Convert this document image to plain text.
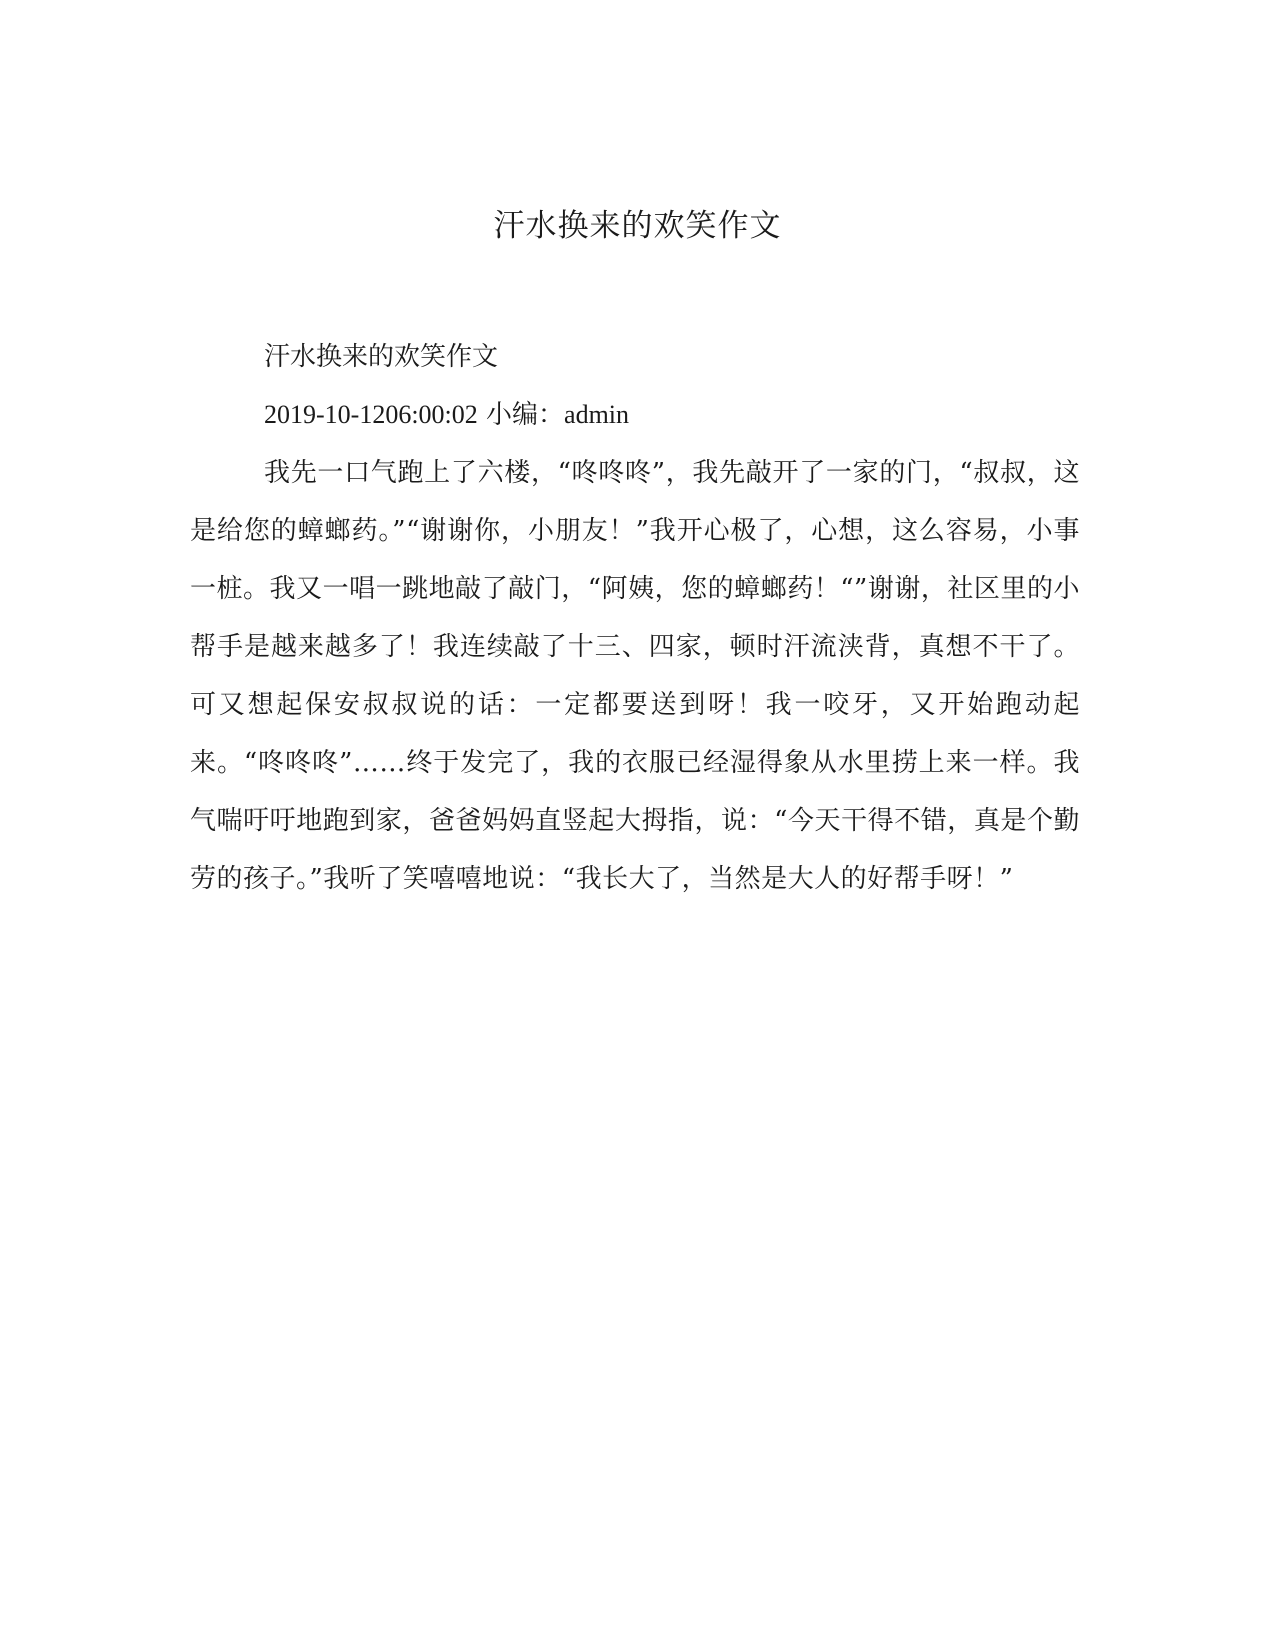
汗水换来的欢笑作文
汗水换来的欢笑作文
2019-10-1206:00:02 小编：admin

我先一口气跑上了六楼，“咚咚咚”，我先敲开了一家的门，“叔叔，这是给您的蟑螂药。”“谢谢你，小朋友！”我开心极了，心想，这么容易，小事一桩。我又一唱一跳地敲了敲门，“阿姨，您的蟑螂药！“”谢谢，社区里的小帮手是越来越多了！我连续敲了十三、四家，顿时汗流浃背，真想不干了。可又想起保安叔叔说的话：一定都要送到呀！我一咬牙，又开始跑动起来。“咚咚咚”……终于发完了，我的衣服已经湿得象从水里捞上来一样。我气喘吁吁地跑到家，爸爸妈妈直竖起大拇指，说：“今天干得不错，真是个勤劳的孩子。”我听了笑嘻嘻地说：“我长大了，当然是大人的好帮手呀！”
